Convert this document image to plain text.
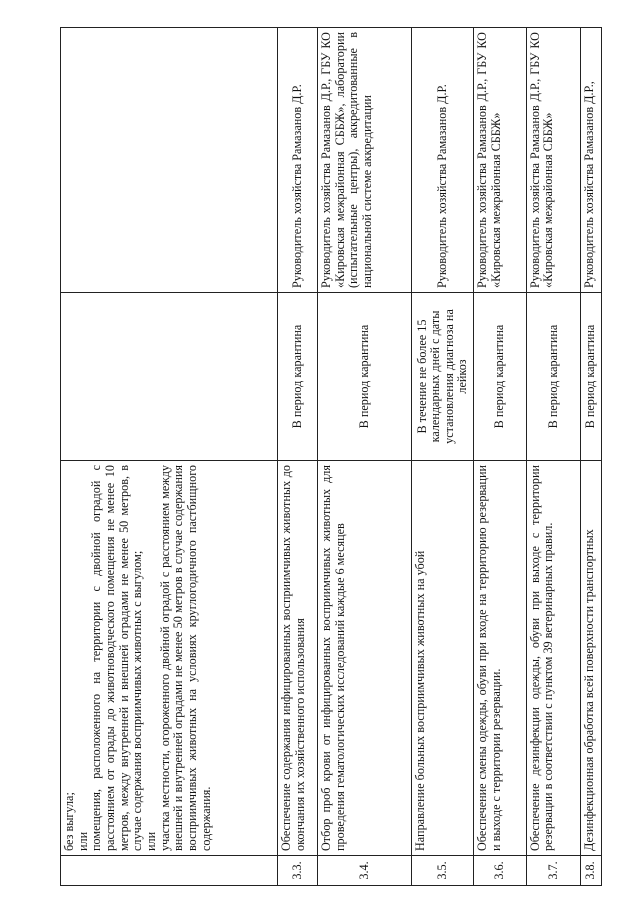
	без выгула; или помещения, расположенного на территории с двойной оградой с расстоянием от ограды до животноводческого помещения не менее 10 метров, между внутренней и внешней оградами не менее 50 метров, в случае содержания восприимчивых животных с выгулом; или участка местности, огороженного двойной оградой с расстоянием между внешней и внутренней оградами не менее 50 метров в случае содержания восприимчивых животных на условиях круглогодичного пастбищного содержания.		

3.3.	Обеспечение содержания инфицированных восприимчивых животных до окончания их хозяйственного использования	В период карантина	Руководитель хозяйства Рамазанов Д.Р.
3.4.	Отбор проб крови от инфицированных восприимчивых животных для проведения гематологических исследований каждые 6 месяцев	В период карантина	Руководитель хозяйства Рамазанов Д.Р., ГБУ КО «Кировская межрайонная СББЖ», лаборатории (испытательные центры), аккредитованные в национальной системе аккредитации
3.5.	Направление больных восприимчивых животных на убой	В течение не более 15 календарных дней с даты установления диагноза на лейкоз	Руководитель хозяйства Рамазанов Д.Р.
3.6.	Обеспечение смены одежды, обуви при входе на территорию резервации и выходе с территории резервации.	В период карантина	Руководитель хозяйства Рамазанов Д.Р., ГБУ КО «Кировская межрайонная СББЖ»
3.7.	Обеспечение дезинфекции одежды, обуви при выходе с территории резервации в соответствии с пунктом 39 ветеринарных правил.	В период карантина	Руководитель хозяйства Рамазанов Д.Р., ГБУ КО «Кировская межрайонная СББЖ»
3.8.	Дезинфекционная обработка всей поверхности транспортных	В период карантина	Руководитель хозяйства Рамазанов Д.Р.,
